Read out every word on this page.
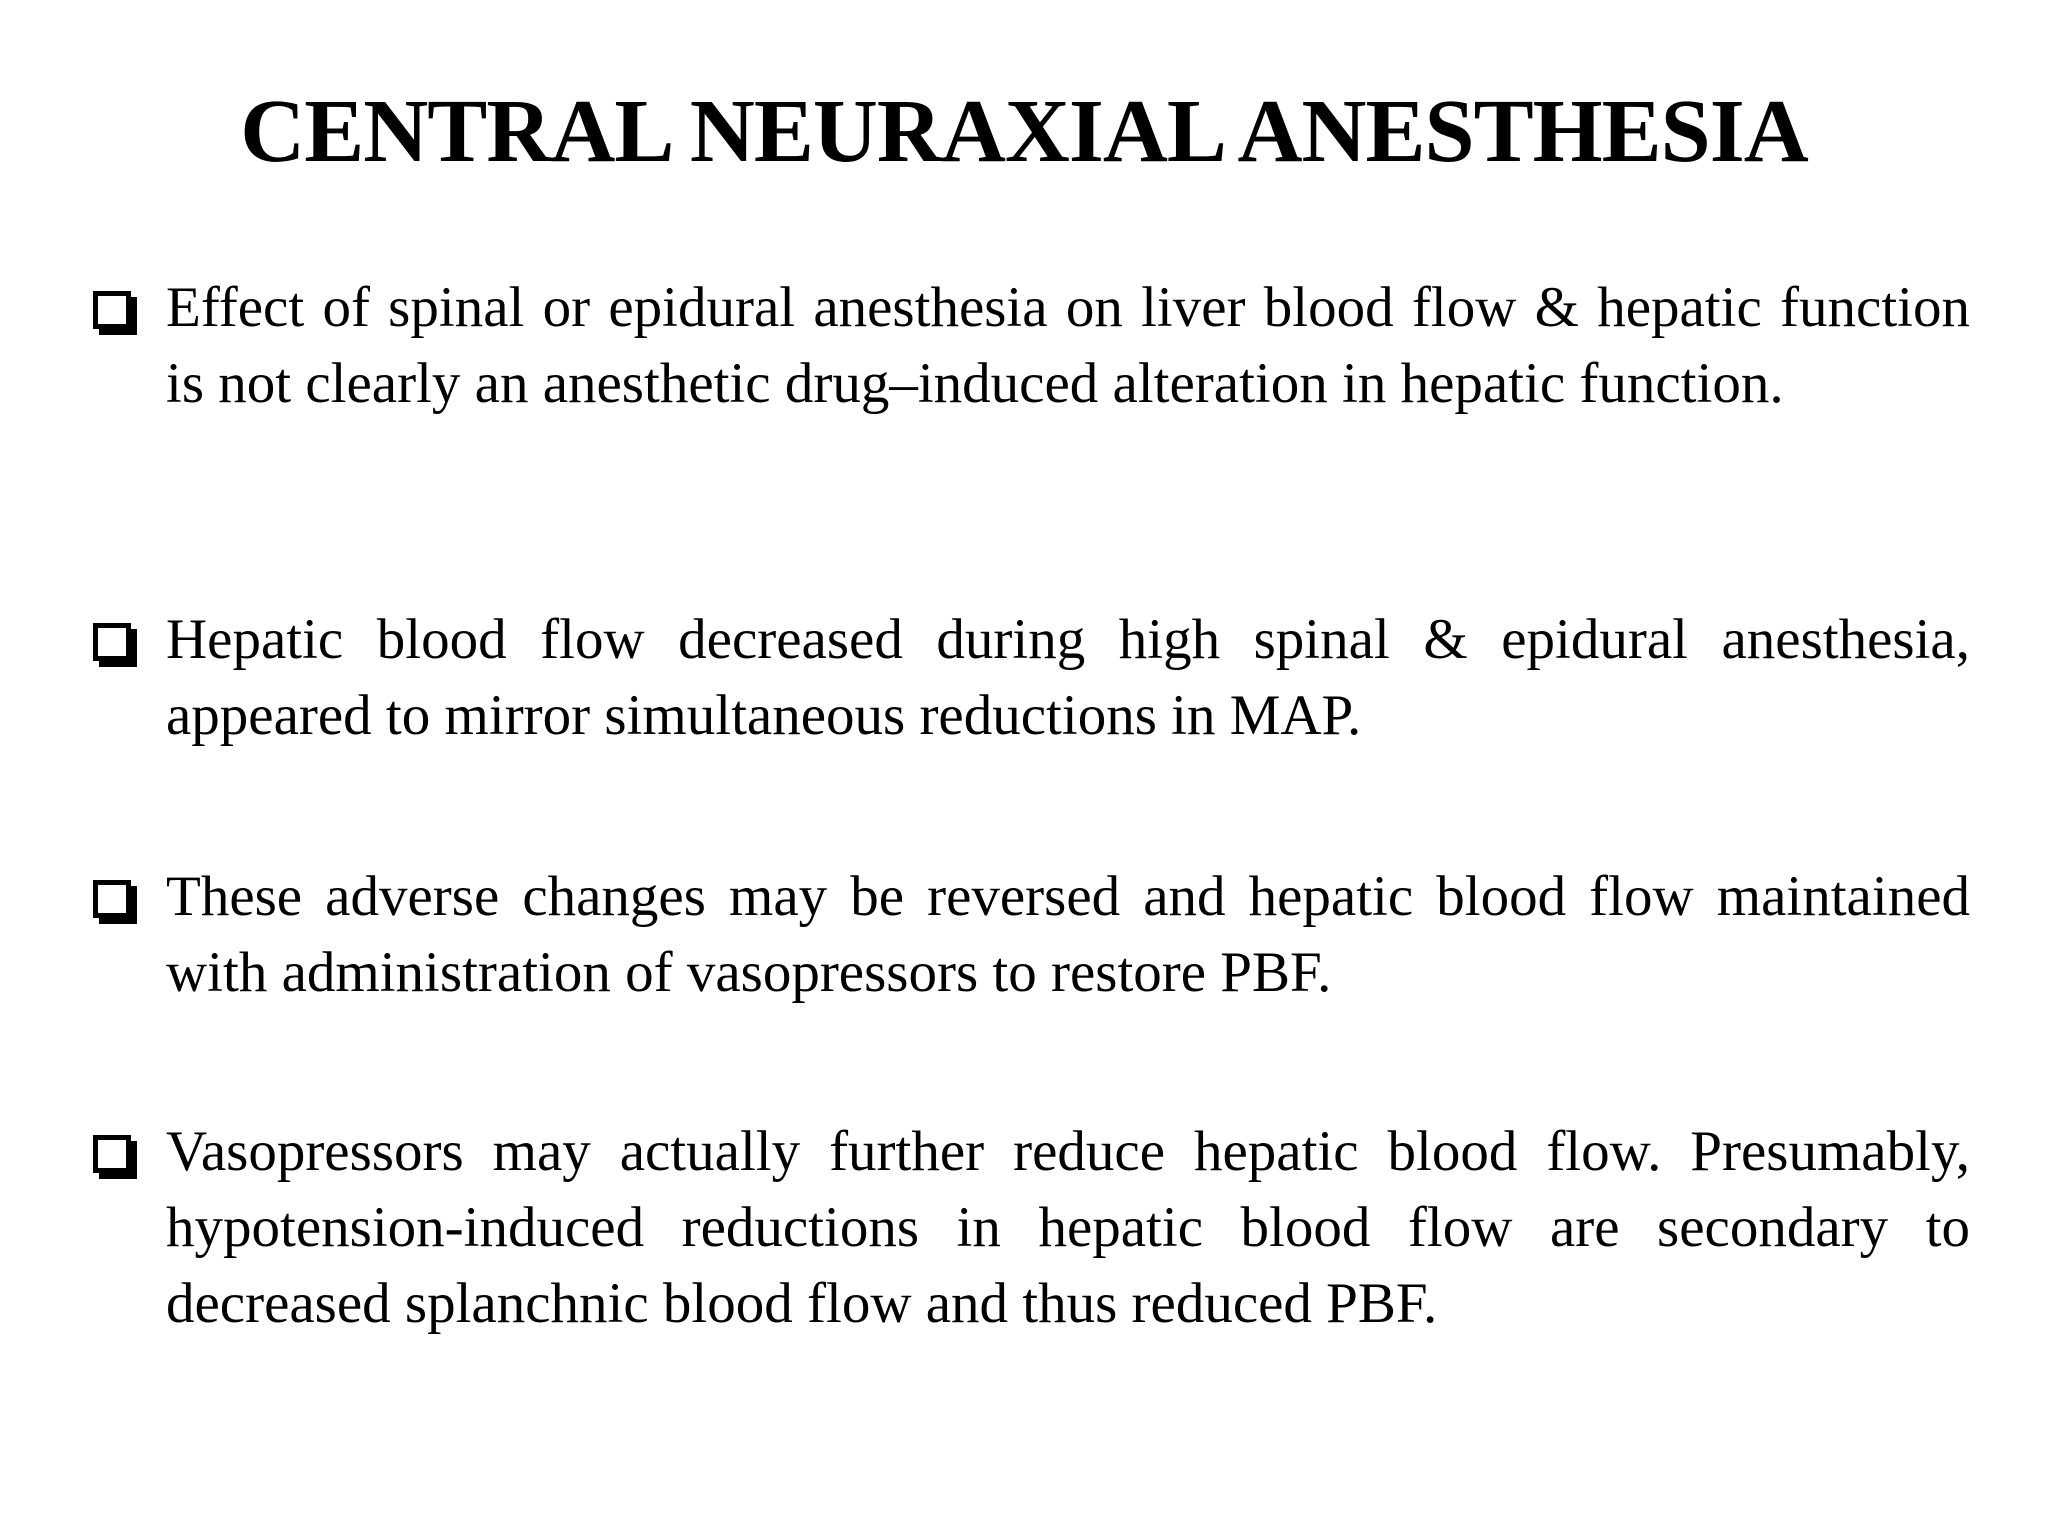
CENTRAL NEURAXIAL ANESTHESIA
Effect of spinal or epidural anesthesia on liver blood flow & hepatic function is not clearly an anesthetic drug–induced alteration in hepatic function.
Hepatic blood flow decreased during high spinal & epidural anesthesia, appeared to mirror simultaneous reductions in MAP.
These adverse changes may be reversed and hepatic blood flow maintained with administration of vasopressors to restore PBF.
Vasopressors may actually further reduce hepatic blood flow. Presumably, hypotension-induced reductions in hepatic blood flow are secondary to decreased splanchnic blood flow and thus reduced PBF.
